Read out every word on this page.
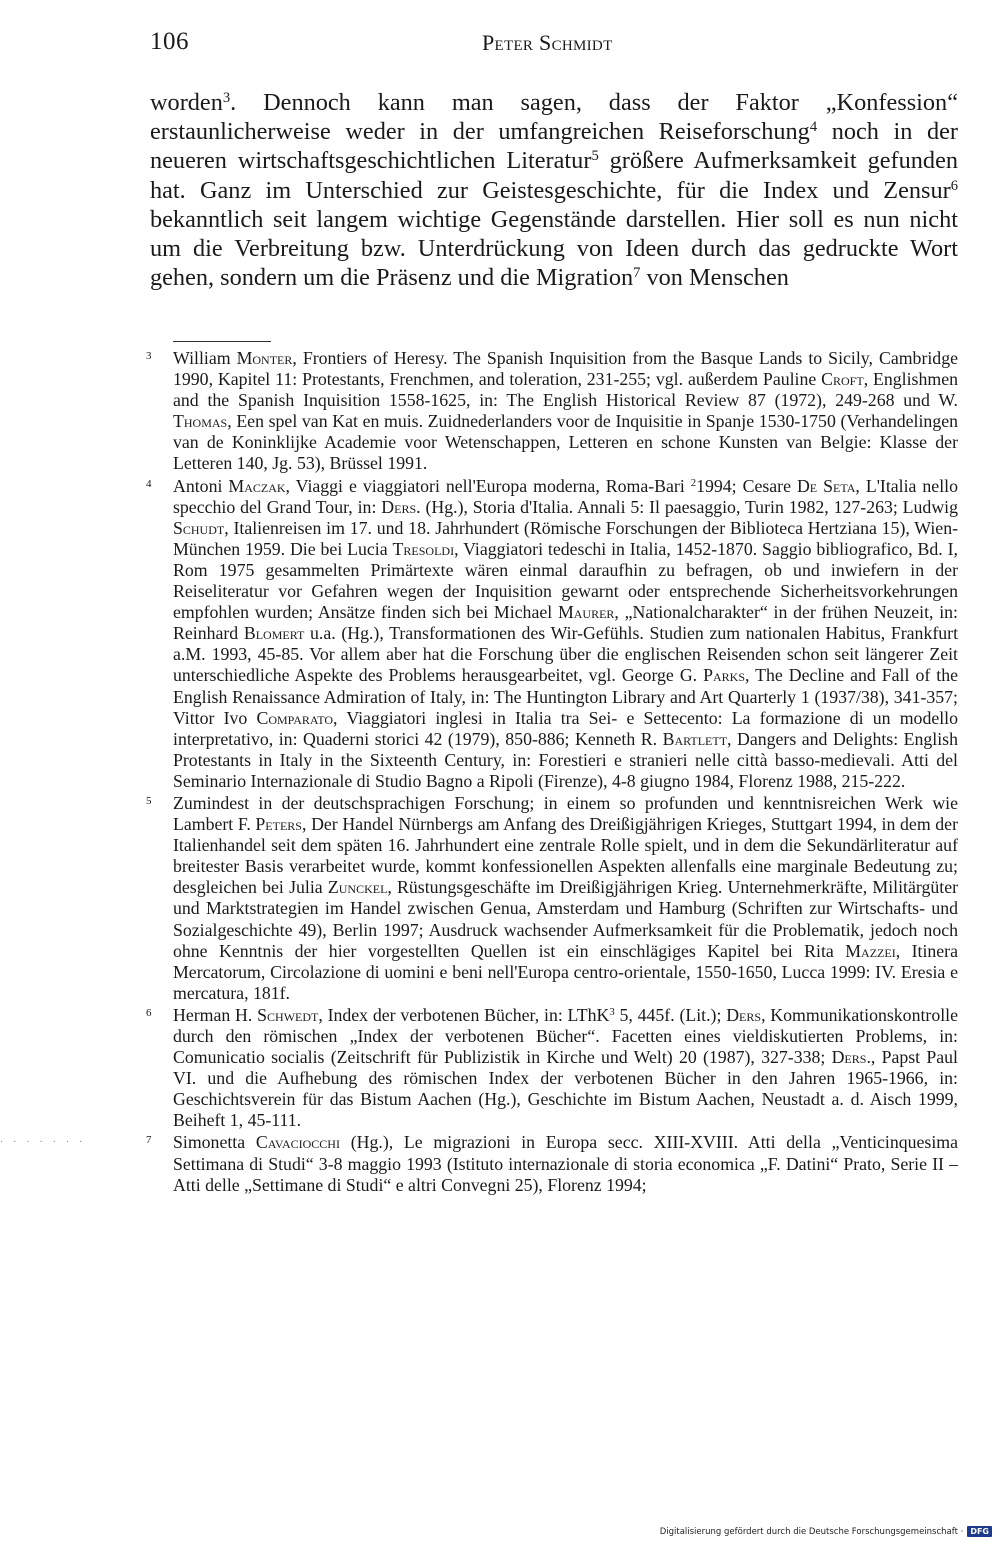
106	Peter Schmidt
worden$^3$. Dennoch kann man sagen, dass der Faktor „Konfession“ erstaunlicherweise weder in der umfangreichen Reiseforschung$^4$ noch in der neueren wirtschaftsgeschichtlichen Literatur$^5$ größere Aufmerksamkeit gefunden hat. Ganz im Unterschied zur Geistesgeschichte, für die Index und Zensur$^6$ bekanntlich seit langem wichtige Gegenstände darstellen. Hier soll es nun nicht um die Verbreitung bzw. Unterdrückung von Ideen durch das gedruckte Wort gehen, sondern um die Präsenz und die Migration$^7$ von Menschen
3	William Monter, Frontiers of Heresy. The Spanish Inquisition from the Basque Lands to Sicily, Cambridge 1990, Kapitel 11: Protestants, Frenchmen, and toleration, 231-255; vgl. außerdem Pauline Croft, Englishmen and the Spanish Inquisition 1558-1625, in: The English Historical Review 87 (1972), 249-268 und W. Thomas, Een spel van Kat en muis. Zuidnederlanders voor de Inquisitie in Spanje 1530-1750 (Verhandelingen van de Koninklijke Academie voor Wetenschappen, Letteren en schone Kunsten van Belgie: Klasse der Letteren 140, Jg. 53), Brüssel 1991.
4	Antoni Maczak, Viaggi e viaggiatori nell'Europa moderna, Roma-Bari $^2$1994; Cesare De Seta, L'Italia nello specchio del Grand Tour, in: Ders. (Hg.), Storia d'Italia. Annali 5: Il paesaggio, Turin 1982, 127-263; Ludwig Schudt, Italienreisen im 17. und 18. Jahrhundert (Römische Forschungen der Biblioteca Hertziana 15), Wien-München 1959. Die bei Lucia Tresoldi, Viaggiatori tedeschi in Italia, 1452-1870. Saggio bibliografico, Bd. I, Rom 1975 gesammelten Primärtexte wären einmal daraufhin zu befragen, ob und inwiefern in der Reiseliteratur vor Gefahren wegen der Inquisition gewarnt oder entsprechende Sicherheitsvorkehrungen empfohlen wurden; Ansätze finden sich bei Michael Maurer, „Nationalcharakter“ in der frühen Neuzeit, in: Reinhard Blomert u.a. (Hg.), Transformationen des Wir-Gefühls. Studien zum nationalen Habitus, Frankfurt a.M. 1993, 45-85. Vor allem aber hat die Forschung über die englischen Reisenden schon seit längerer Zeit unterschiedliche Aspekte des Problems herausgearbeitet, vgl. George G. Parks, The Decline and Fall of the English Renaissance Admiration of Italy, in: The Huntington Library and Art Quarterly 1 (1937/38), 341-357; Vittor Ivo Comparato, Viaggiatori inglesi in Italia tra Sei- e Settecento: La formazione di un modello interpretativo, in: Quaderni storici 42 (1979), 850-886; Kenneth R. Bartlett, Dangers and Delights: English Protestants in Italy in the Sixteenth Century, in: Forestieri e stranieri nelle città basso-medievali. Atti del Seminario Internazionale di Studio Bagno a Ripoli (Firenze), 4-8 giugno 1984, Florenz 1988, 215-222.
5	Zumindest in der deutschsprachigen Forschung; in einem so profunden und kenntnisreichen Werk wie Lambert F. Peters, Der Handel Nürnbergs am Anfang des Dreißigjährigen Krieges, Stuttgart 1994, in dem der Italienhandel seit dem späten 16. Jahrhundert eine zentrale Rolle spielt, und in dem die Sekundärliteratur auf breitester Basis verarbeitet wurde, kommt konfessionellen Aspekten allenfalls eine marginale Bedeutung zu; desgleichen bei Julia Zunckel, Rüstungsgeschäfte im Dreißigjährigen Krieg. Unternehmerkräfte, Militärgüter und Marktstrategien im Handel zwischen Genua, Amsterdam und Hamburg (Schriften zur Wirtschafts- und Sozialgeschichte 49), Berlin 1997; Ausdruck wachsender Aufmerksamkeit für die Problematik, jedoch noch ohne Kenntnis der hier vorgestellten Quellen ist ein einschlägiges Kapitel bei Rita Mazzei, Itinera Mercatorum, Circolazione di uomini e beni nell'Europa centro-orientale, 1550-1650, Lucca 1999: IV. Eresia e mercatura, 181f.
6	Herman H. Schwedt, Index der verbotenen Bücher, in: LThK$^3$ 5, 445f. (Lit.); Ders, Kommunikationskontrolle durch den römischen „Index der verbotenen Bücher“. Facetten eines vieldiskutierten Problems, in: Comunicatio socialis (Zeitschrift für Publizistik in Kirche und Welt) 20 (1987), 327-338; Ders., Papst Paul VI. und die Aufhebung des römischen Index der verbotenen Bücher in den Jahren 1965-1966, in: Geschichtsverein für das Bistum Aachen (Hg.), Geschichte im Bistum Aachen, Neustadt a. d. Aisch 1999, Beiheft 1, 45-111.
7	Simonetta Cavaciocchi (Hg.), Le migrazioni in Europa secc. XIII-XVIII. Atti della „Venticinquesima Settimana di Studi“ 3-8 maggio 1993 (Istituto internazionale di storia economica „F. Datini“ Prato, Serie II – Atti delle „Settimane di Studi“ e altri Convegni 25), Florenz 1994;
·······
Digitalisierung gefördert durch die Deutsche Forschungsgemeinschaft · DFG
